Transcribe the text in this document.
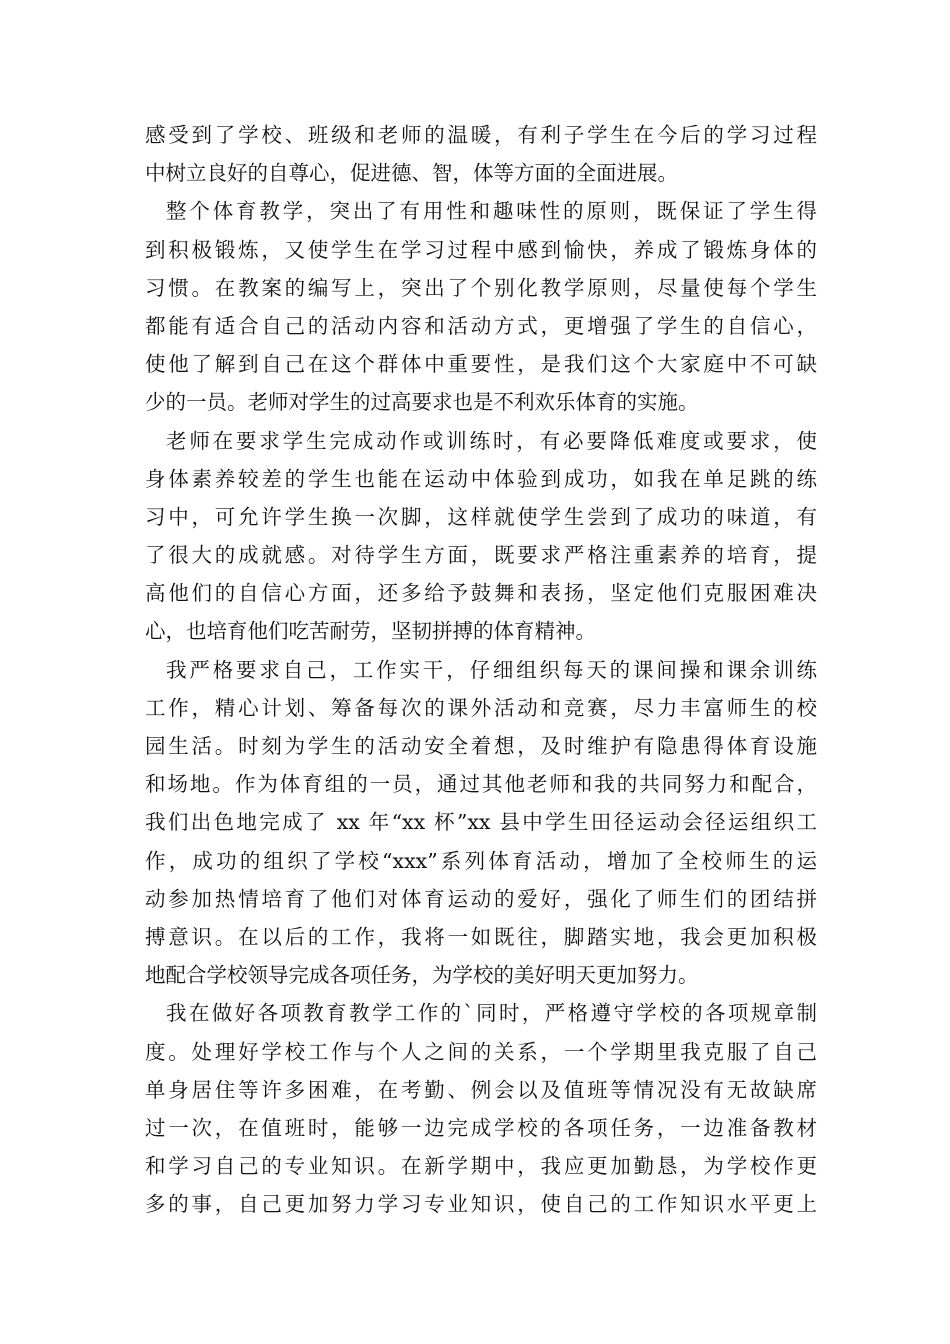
感受到了学校、班级和老师的温暖，有利子学生在今后的学习过程
中树立良好的自尊心，促进德、智，体等方面的全面进展。
整个体育教学，突出了有用性和趣味性的原则，既保证了学生得
到积极锻炼，又使学生在学习过程中感到愉快，养成了锻炼身体的
习惯。在教案的编写上，突出了个别化教学原则，尽量使每个学生
都能有适合自己的活动内容和活动方式，更增强了学生的自信心，
使他了解到自己在这个群体中重要性，是我们这个大家庭中不可缺
少的一员。老师对学生的过高要求也是不利欢乐体育的实施。
老师在要求学生完成动作或训练时，有必要降低难度或要求，使
身体素养较差的学生也能在运动中体验到成功，如我在单足跳的练
习中，可允许学生换一次脚，这样就使学生尝到了成功的味道，有
了很大的成就感。对待学生方面，既要求严格注重素养的培育，提
高他们的自信心方面，还多给予鼓舞和表扬，坚定他们克服困难决
心，也培育他们吃苦耐劳，坚韧拼搏的体育精神。
我严格要求自己，工作实干，仔细组织每天的课间操和课余训练
工作，精心计划、筹备每次的课外活动和竞赛，尽力丰富师生的校
园生活。时刻为学生的活动安全着想，及时维护有隐患得体育设施
和场地。作为体育组的一员，通过其他老师和我的共同努力和配合，
我们出色地完成了 xx 年“xx 杯”xx 县中学生田径运动会径运组织工
作，成功的组织了学校“xxx”系列体育活动，增加了全校师生的运
动参加热情培育了他们对体育运动的爱好，强化了师生们的团结拼
搏意识。在以后的工作，我将一如既往，脚踏实地，我会更加积极
地配合学校领导完成各项任务，为学校的美好明天更加努力。
我在做好各项教育教学工作的`同时，严格遵守学校的各项规章制
度。处理好学校工作与个人之间的关系，一个学期里我克服了自己
单身居住等许多困难，在考勤、例会以及值班等情况没有无故缺席
过一次，在值班时，能够一边完成学校的各项任务，一边准备教材
和学习自己的专业知识。在新学期中，我应更加勤恳，为学校作更
多的事，自己更加努力学习专业知识，使自己的工作知识水平更上
